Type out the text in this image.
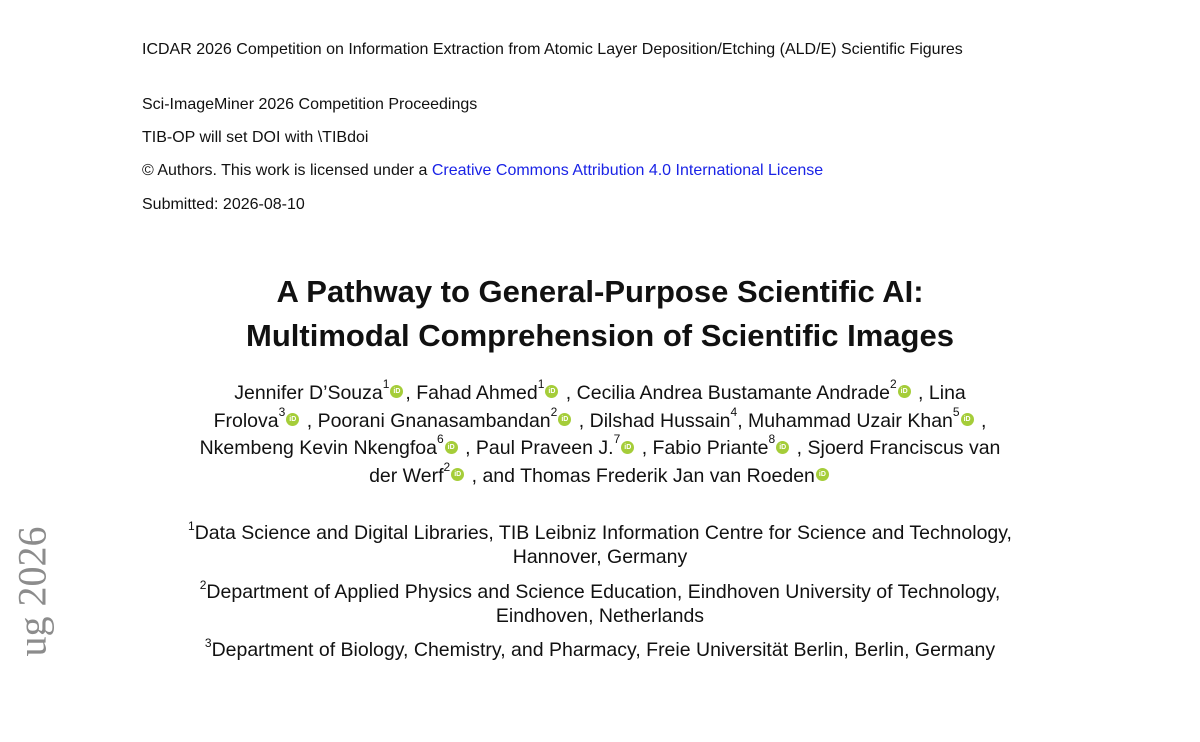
ICDAR 2026 Competition on Information Extraction from Atomic Layer Deposition/Etching (ALD/E) Scientific Figures
Sci-ImageMiner 2026 Competition Proceedings
TIB-OP will set DOI with \TIBdoi
© Authors. This work is licensed under a Creative Commons Attribution 4.0 International License
Submitted: 2026-08-10
A Pathway to General-Purpose Scientific AI:
Multimodal Comprehension of Scientific Images
Jennifer D’Souza$^1$iD , Fahad Ahmed$^1$iD , Cecilia Andrea Bustamante Andrade$^2$iD , Lina
Frolova$^3$iD , Poorani Gnanasambandan$^2$iD , Dilshad Hussain$^4$, Muhammad Uzair Khan$^5$iD ,
Nkembeng Kevin Nkengfoa$^6$iD , Paul Praveen J.$^7$iD , Fabio Priante$^8$iD , Sjoerd Franciscus van
der Werf$^2$iD , and Thomas Frederik Jan van Roeden iD
$^1$Data Science and Digital Libraries, TIB Leibniz Information Centre for Science and Technology,
Hannover, Germany
$^2$Department of Applied Physics and Science Education, Eindhoven University of Technology,
Eindhoven, Netherlands
$^3$Department of Biology, Chemistry, and Pharmacy, Freie Universität Berlin, Berlin, Germany
ug 2026
